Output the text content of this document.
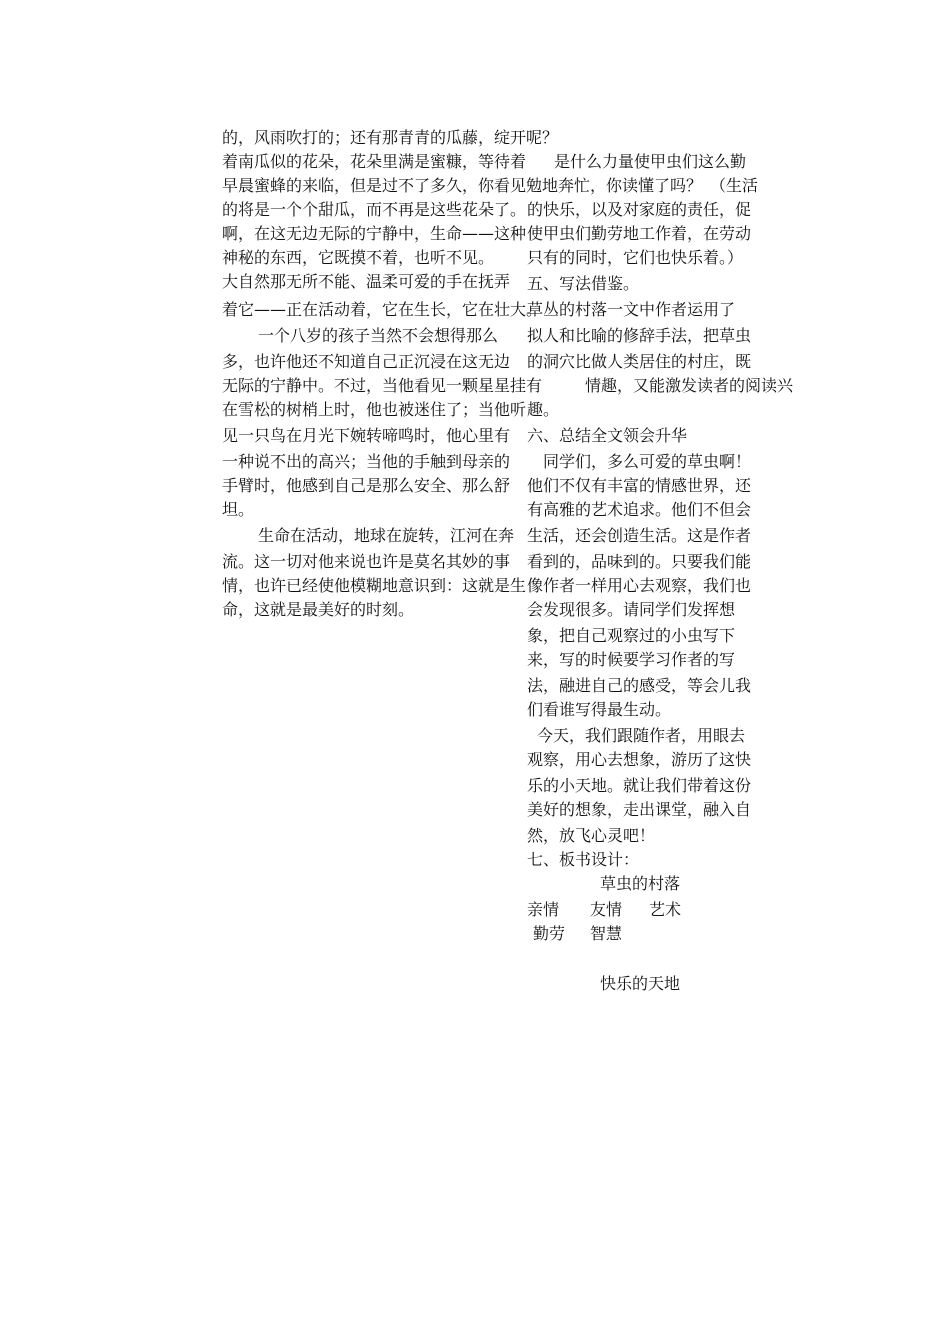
的，风雨吹打的；还有那青青的瓜藤，绽开呢？
着南瓜似的花朵，花朵里满是蜜糠，等待着
早晨蜜蜂的来临，但是过不了多久，你看见勉地奔忙，你读懂了吗？
的将是一个个甜瓜，而不再是这些花朵了。
啊，在这无边无际的宁静中，生命——这种
神秘的东西，它既摸不着，也听不见。
大自然那无所不能、温柔可爱的手在抚弄
着它——正在活动着，它在生长，它在壮大。
一个八岁的孩子当然不会想得那么
多，也许他还不知道自己正沉浸在这无边
无际的宁静中。不过，当他看见一颗星星挂有
在雪松的树梢上时，他也被迷住了；当他听
见一只鸟在月光下婉转啼鸣时，他心里有
一种说不出的高兴；当他的手触到母亲的
手臂时，他感到自己是那么安全、那么舒
坦。
生命在活动，地球在旋转，江河在奔
流。这一切对他来说也许是莫名其妙的事
情，也许已经使他模糊地意识到：这就是生
命，这就是最美好的时刻。
是什么力量使甲虫们这么勤
（生活
的快乐，以及对家庭的责任，促
使甲虫们勤劳地工作着，在劳动
只有的同时，它们也快乐着。）
五、写法借鉴。
草丛的村落一文中作者运用了
拟人和比喻的修辞手法，把草虫
的洞穴比做人类居住的村庄，既
情趣，又能激发读者的阅读兴
趣。
六、总结全文领会升华
同学们，多么可爱的草虫啊！
他们不仅有丰富的情感世界，还
有高雅的艺术追求。他们不但会
生活，还会创造生活。这是作者
看到的，品味到的。只要我们能
像作者一样用心去观察，我们也
会发现很多。请同学们发挥想
象，把自己观察过的小虫写下
来，写的时候要学习作者的写
法，融进自己的感受，等会儿我
们看谁写得最生动。
今天，我们跟随作者，用眼去
观察，用心去想象，游历了这快
乐的小天地。就让我们带着这份
美好的想象，走出课堂，融入自
然，放飞心灵吧！
七、板书设计：
草虫的村落
亲情 友情 艺术
勤劳 智慧
快乐的天地
